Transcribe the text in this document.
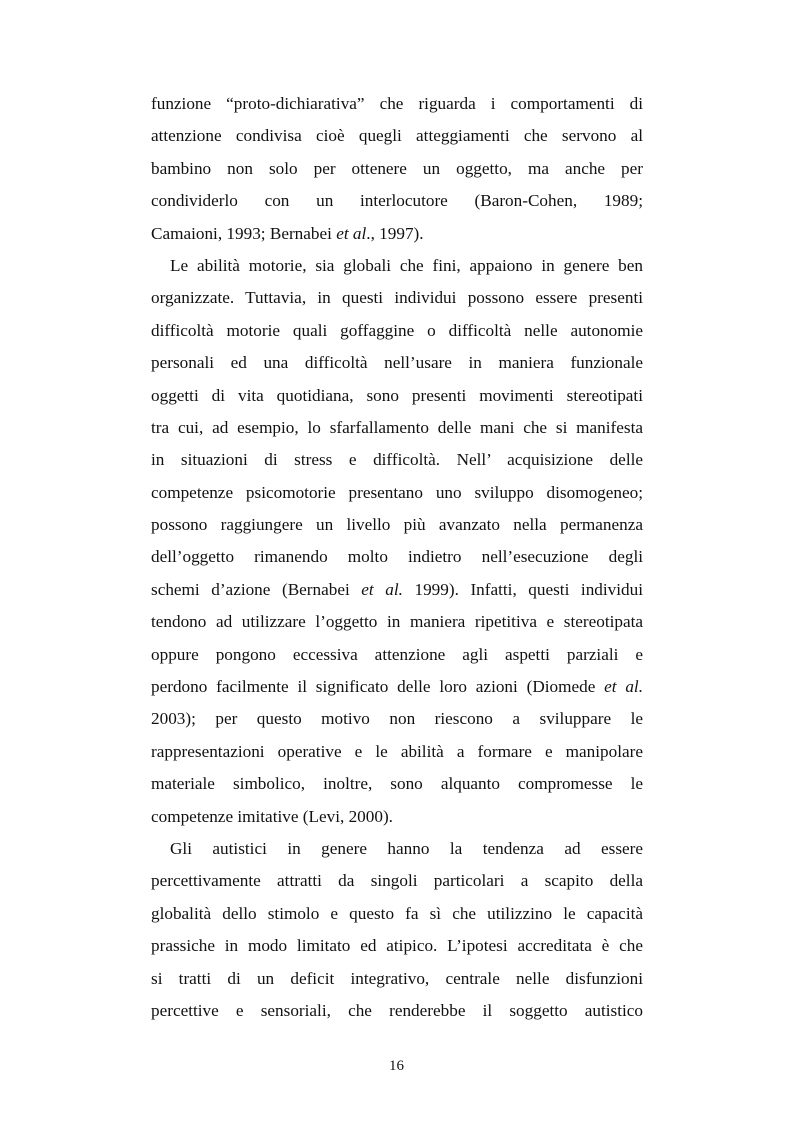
funzione “proto-dichiarativa” che riguarda i comportamenti di
attenzione condivisa cioè quegli atteggiamenti che servono al
bambino non solo per ottenere un oggetto, ma anche per
condividerlo con un interlocutore (Baron-Cohen, 1989;
Camaioni, 1993; Bernabei et al., 1997).
Le abilità motorie, sia globali che fini, appaiono in genere ben
organizzate. Tuttavia, in questi individui possono essere presenti
difficoltà motorie quali goffaggine o difficoltà nelle autonomie
personali ed una difficoltà nell’usare in maniera funzionale
oggetti di vita quotidiana, sono presenti movimenti stereotipati
tra cui, ad esempio, lo sfarfallamento delle mani che si manifesta
in situazioni di stress e difficoltà. Nell’ acquisizione delle
competenze psicomotorie presentano uno sviluppo disomogeneo;
possono raggiungere un livello più avanzato nella permanenza
dell’oggetto rimanendo molto indietro nell’esecuzione degli
schemi d’azione (Bernabei et al. 1999). Infatti, questi individui
tendono ad utilizzare l’oggetto in maniera ripetitiva e stereotipata
oppure pongono eccessiva attenzione agli aspetti parziali e
perdono facilmente il significato delle loro azioni (Diomede et al.
2003); per questo motivo non riescono a sviluppare le
rappresentazioni operative e le abilità a formare e manipolare
materiale simbolico, inoltre, sono alquanto compromesse le
competenze imitative (Levi, 2000).
Gli autistici in genere hanno la tendenza ad essere
percettivamente attratti da singoli particolari a scapito della
globalità dello stimolo e questo fa sì che utilizzino le capacità
prassiche in modo limitato ed atipico. L’ipotesi accreditata è che
si tratti di un deficit integrativo, centrale nelle disfunzioni
percettive e sensoriali, che renderebbe il soggetto autistico
16
